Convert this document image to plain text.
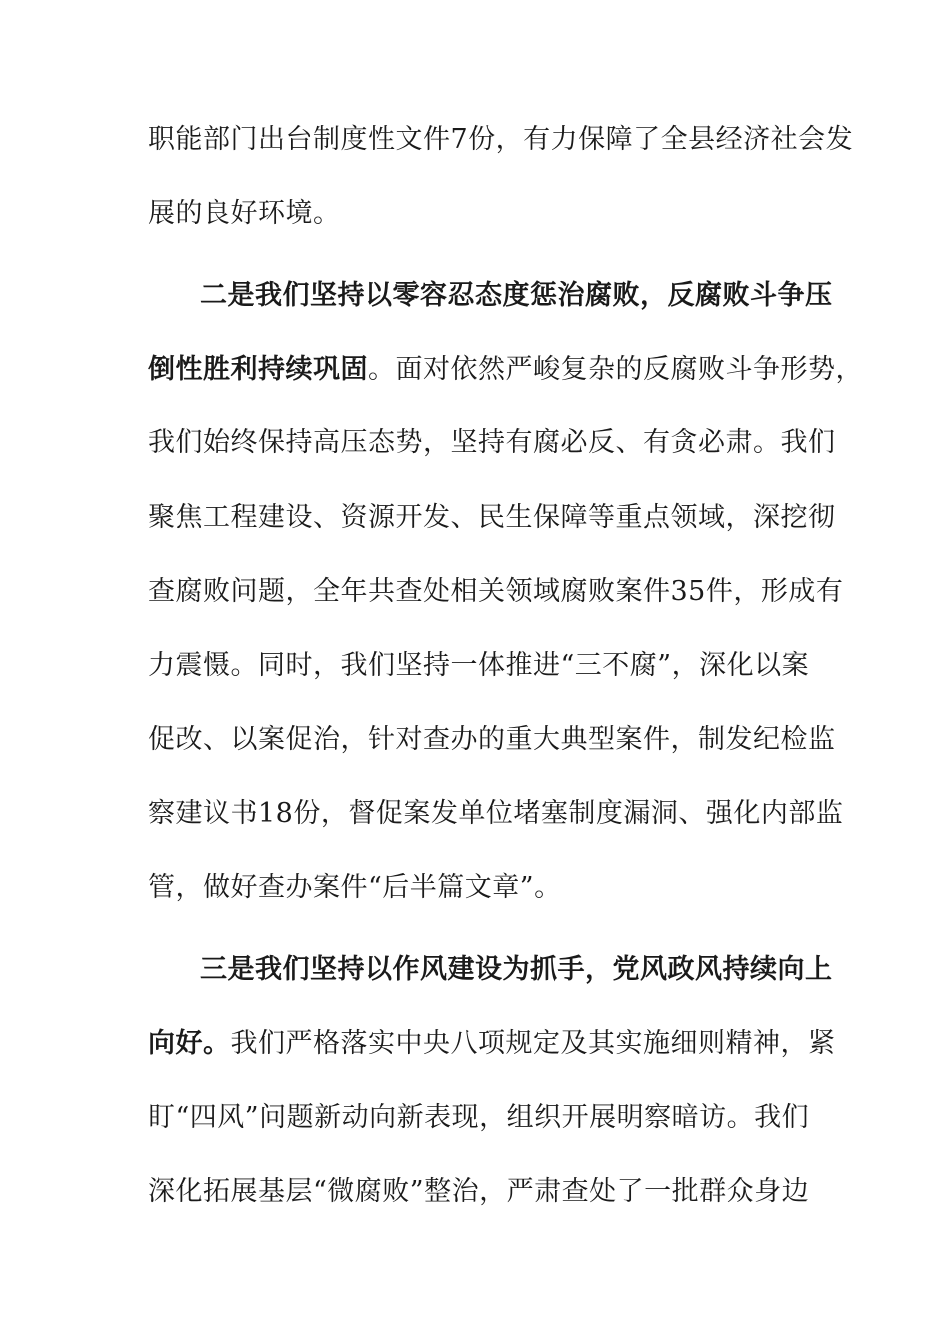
职能部门出台制度性文件7份，有力保障了全县经济社会发
展的良好环境。
二是我们坚持以零容忍态度惩治腐败，反腐败斗争压
倒性胜利持续巩固 。面对依然严峻复杂的反腐败斗争形势，
我们始终保持高压态势，坚持有腐必反、有贪必肃。我们
聚焦工程建设、资源开发、民生保障等重点领域，深挖彻
查腐败问题，全年共查处相关领域腐败案件35件，形成有
力震慑。同时，我们坚持一体推进“三不腐”，深化以案
促改、以案促治，针对查办的重大典型案件，制发纪检监
察建议书18份，督促案发单位堵塞制度漏洞、强化内部监
管，做好查办案件“后半篇文章”。
三是我们坚持以作风建设为抓手，党风政风持续向上
向好。 我们严格落实中央八项规定及其实施细则精神，紧
盯“四风”问题新动向新表现，组织开展明察暗访。我们
深化拓展基层“微腐败”整治，严肃查处了一批群众身边
